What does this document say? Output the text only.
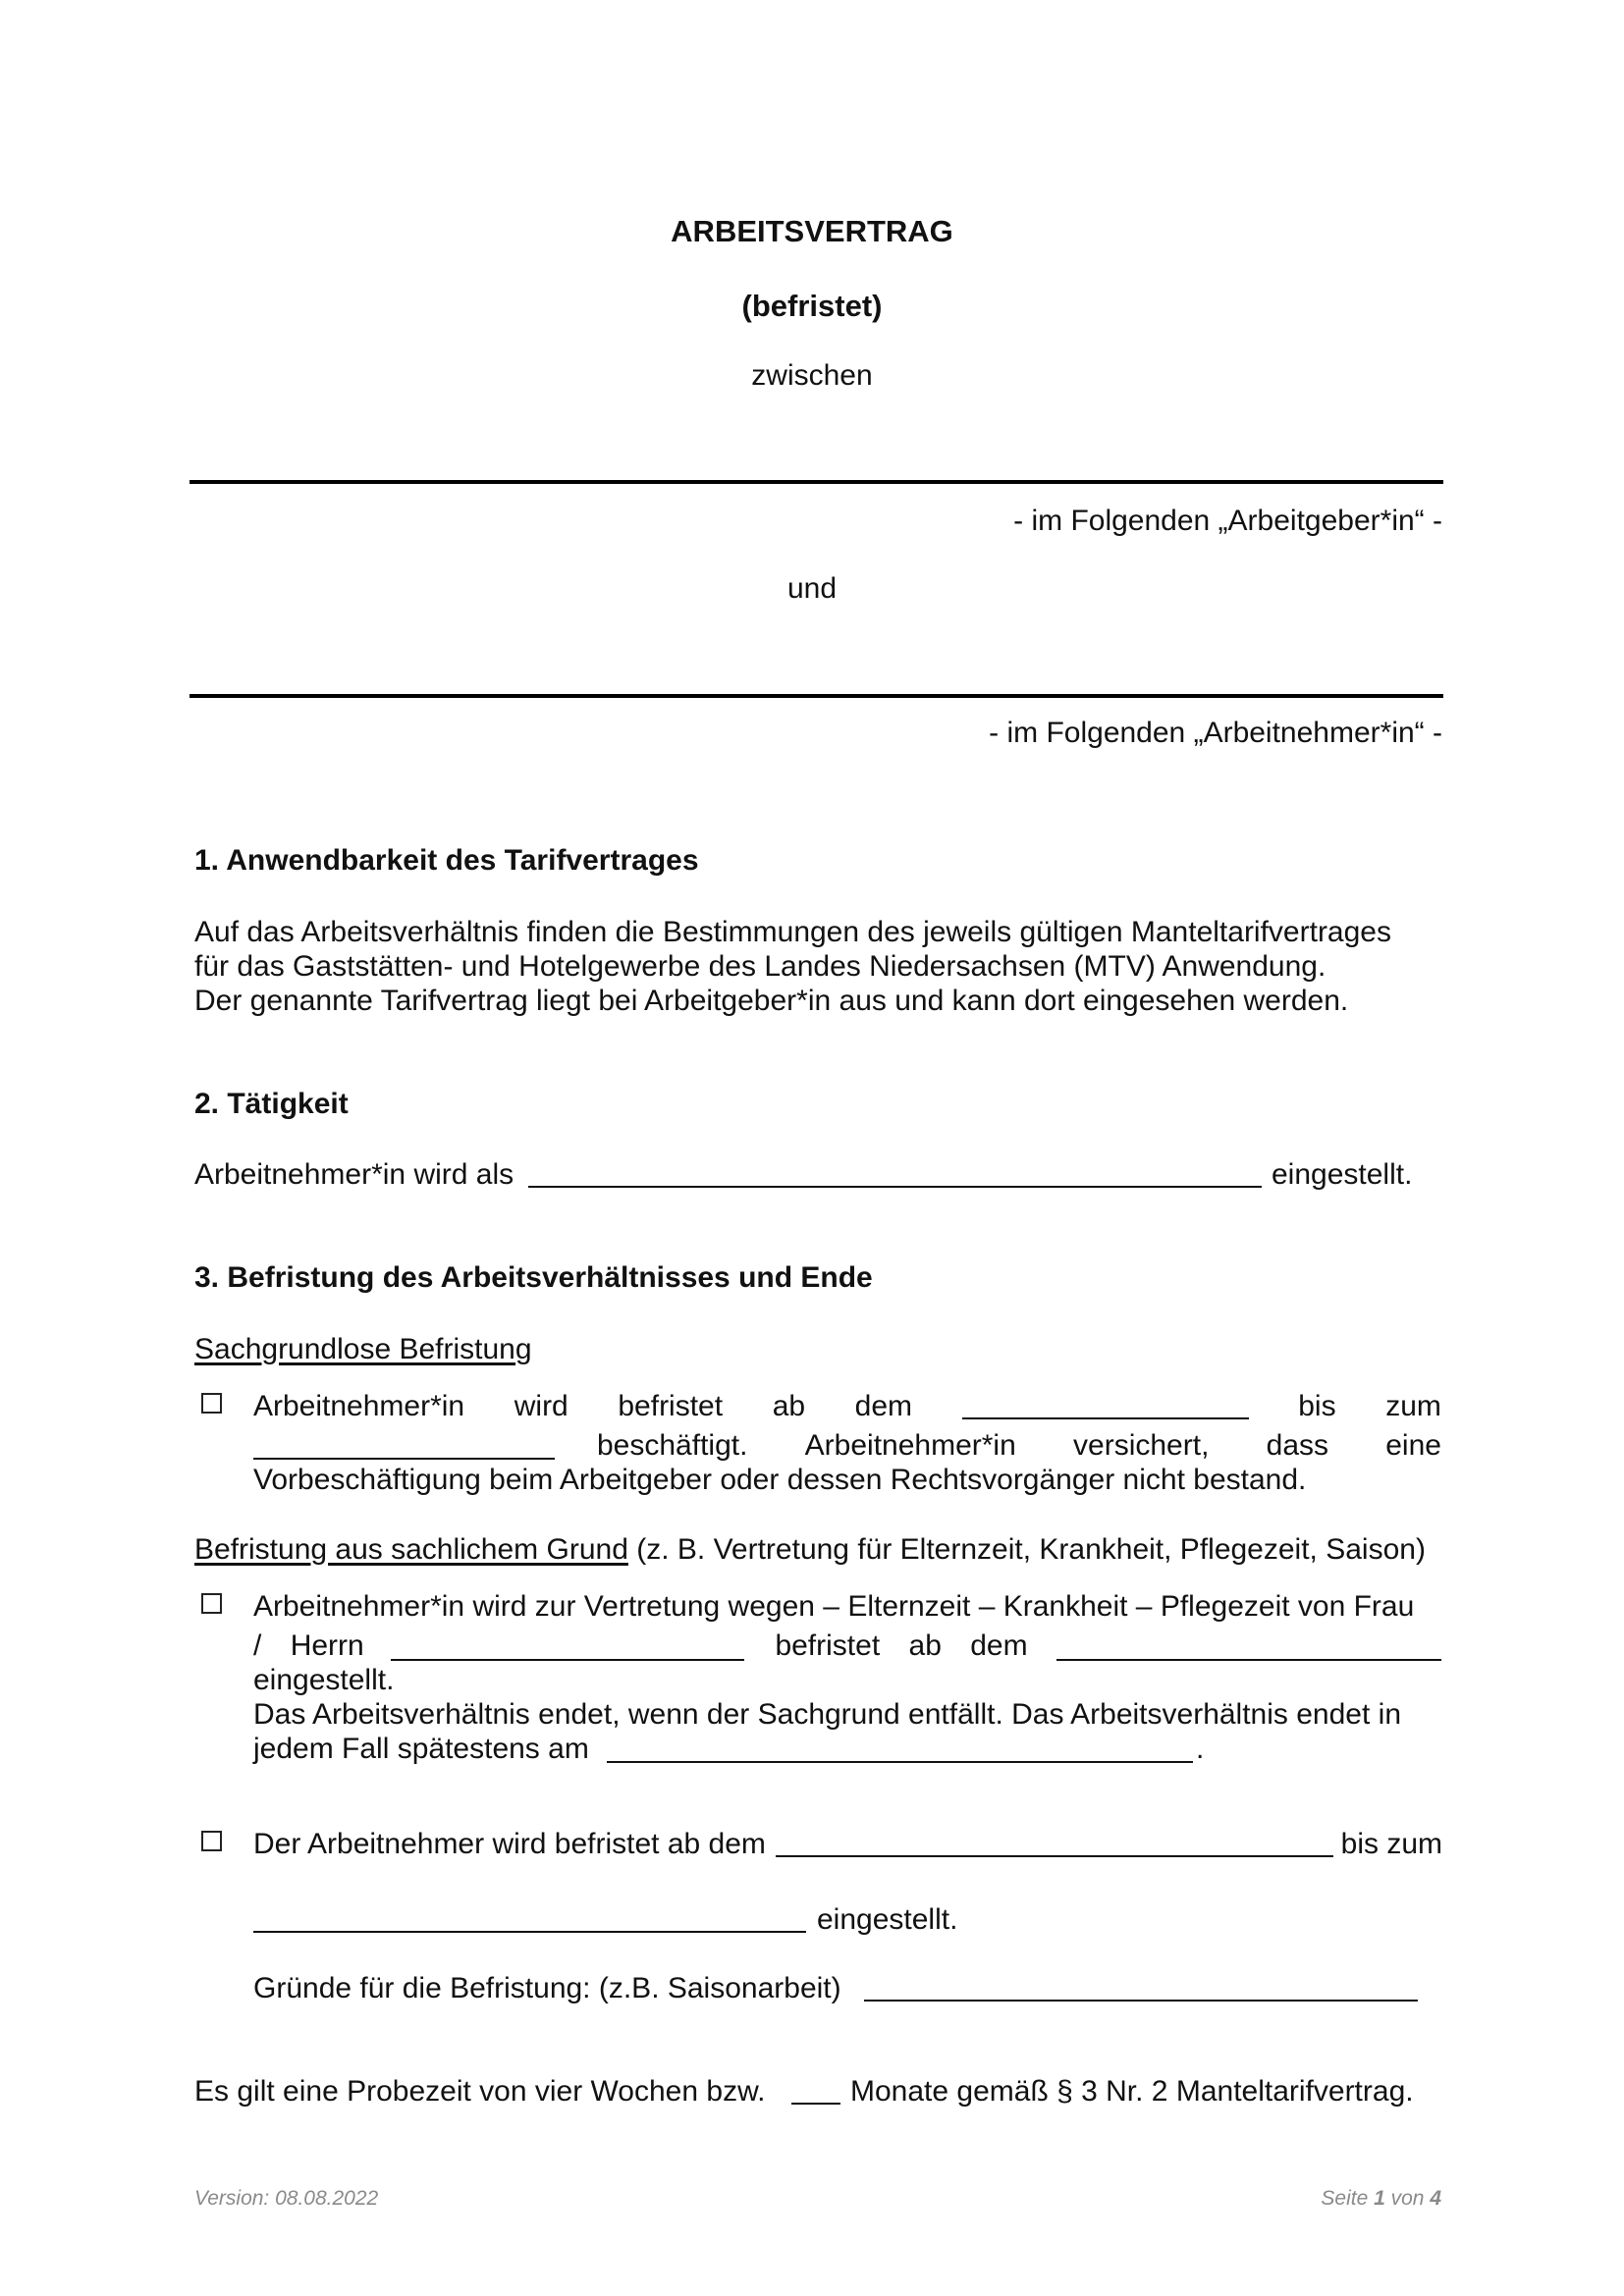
ARBEITSVERTRAG
(befristet)
zwischen
- im Folgenden „Arbeitgeber*in“ -
und
- im Folgenden „Arbeitnehmer*in“ -
1. Anwendbarkeit des Tarifvertrages
Auf das Arbeitsverhältnis finden die Bestimmungen des jeweils gültigen Manteltarifvertrages
für das Gaststätten- und Hotelgewerbe des Landes Niedersachsen (MTV) Anwendung.
Der genannte Tarifvertrag liegt bei Arbeitgeber*in aus und kann dort eingesehen werden.
2. Tätigkeit
Arbeitnehmer*in wird als	eingestellt.
3. Befristung des Arbeitsverhältnisses und Ende
Sachgrundlose Befristung
Arbeitnehmer*in wird befristet ab dem	bis zum
beschäftigt. Arbeitnehmer*in versichert, dass eine
Vorbeschäftigung beim Arbeitgeber oder dessen Rechtsvorgänger nicht bestand.
Befristung aus sachlichem Grund (z. B. Vertretung für Elternzeit, Krankheit, Pflegezeit, Saison)
Arbeitnehmer*in wird zur Vertretung wegen – Elternzeit – Krankheit – Pflegezeit von Frau
/ Herrn	befristet ab dem
eingestellt.
Das Arbeitsverhältnis endet, wenn der Sachgrund entfällt. Das Arbeitsverhältnis endet in
jedem Fall spätestens am	.
Der Arbeitnehmer wird befristet ab dem	bis zum
eingestellt.
Gründe für die Befristung: (z.B. Saisonarbeit)
Es gilt eine Probezeit von vier Wochen bzw.	Monate gemäß § 3 Nr. 2 Manteltarifvertrag.
Version: 08.08.2022	Seite 1 von 4
